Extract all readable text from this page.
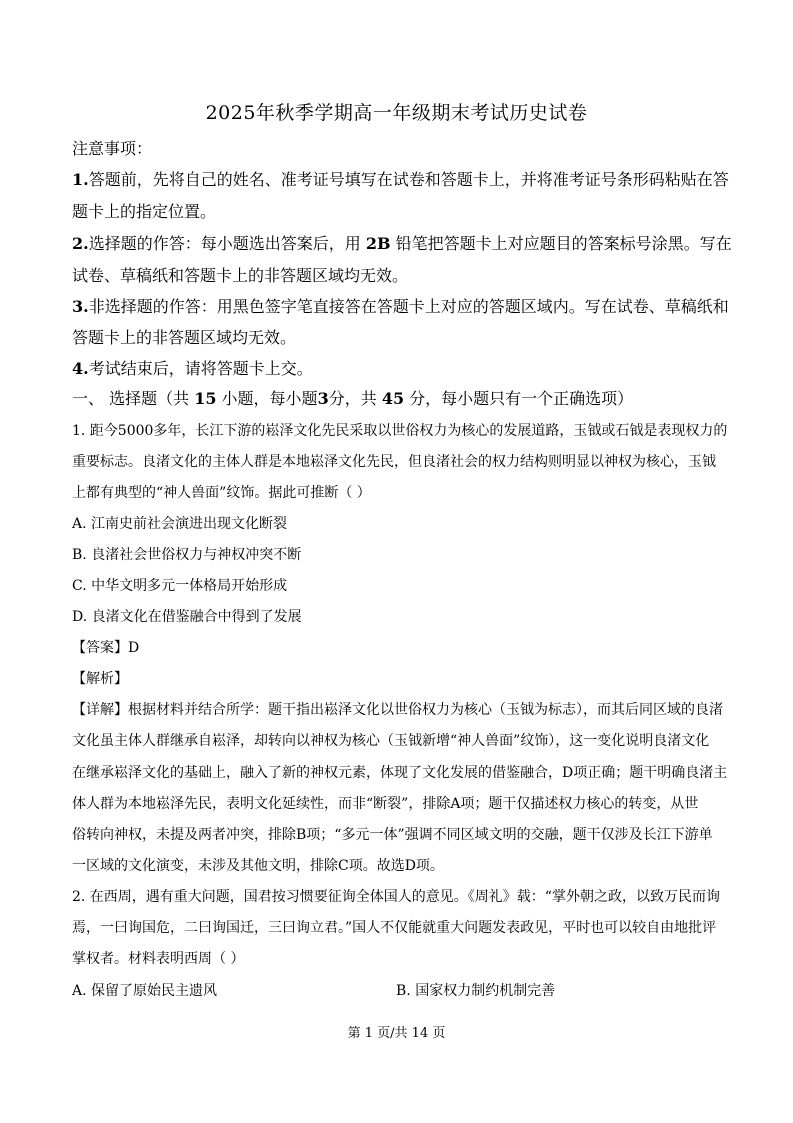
2025年秋季学期高一年级期末考试历史试卷
注意事项：
1.答题前，先将自己的姓名、准考证号填写在试卷和答题卡上，并将准考证号条形码粘贴在答
题卡上的指定位置。
2.选择题的作答：每小题选出答案后，用 2B 铅笔把答题卡上对应题目的答案标号涂黑。写在
试卷、草稿纸和答题卡上的非答题区域均无效。
3.非选择题的作答：用黑色签字笔直接答在答题卡上对应的答题区域内。写在试卷、草稿纸和
答题卡上的非答题区域均无效。
4.考试结束后，请将答题卡上交。
一、 选择题（共 15 小题，每小题3分，共 45 分，每小题只有一个正确选项）
1. 距今5000多年，长江下游的崧泽文化先民采取以世俗权力为核心的发展道路，玉钺或石钺是表现权力的
重要标志。良渚文化的主体人群是本地崧泽文化先民，但良渚社会的权力结构则明显以神权为核心，玉钺
上都有典型的“神人兽面”纹饰。据此可推断（ ）
A. 江南史前社会演进出现文化断裂
B. 良渚社会世俗权力与神权冲突不断
C. 中华文明多元一体格局开始形成
D. 良渚文化在借鉴融合中得到了发展
【答案】D
【解析】
【详解】根据材料并结合所学：题干指出崧泽文化以世俗权力为核心（玉钺为标志），而其后同区域的良渚
文化虽主体人群继承自崧泽，却转向以神权为核心（玉钺新增“神人兽面”纹饰），这一变化说明良渚文化
在继承崧泽文化的基础上，融入了新的神权元素，体现了文化发展的借鉴融合，D项正确；题干明确良渚主
体人群为本地崧泽先民，表明文化延续性，而非“断裂”，排除A项；题干仅描述权力核心的转变，从世
俗转向神权，未提及两者冲突，排除B项；“多元一体”强调不同区域文明的交融，题干仅涉及长江下游单
一区域的文化演变，未涉及其他文明，排除C项。故选D项。
2. 在西周，遇有重大问题，国君按习惯要征询全体国人的意见。《周礼》载：“掌外朝之政，以致万民而询
焉，一曰询国危，二曰询国迁，三曰询立君。”国人不仅能就重大问题发表政见，平时也可以较自由地批评
掌权者。材料表明西周（ ）
A. 保留了原始民主遗风	B. 国家权力制约机制完善
第 1 页/共 14 页
